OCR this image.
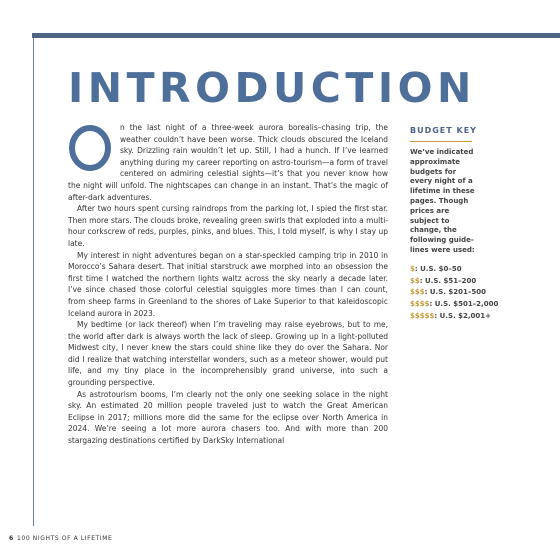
INTRODUCTION

O
n the last night of a three-week aurora borealis–chasing trip, the weather couldn’t have been worse. Thick clouds obscured the Iceland sky. Drizzling rain wouldn’t let up. Still, I had a hunch. If I’ve learned anything during my career reporting on astro-tourism—a form of travel centered on admiring celestial sights—it’s that you never know how the night will unfold. The nightscapes can change in an instant. That’s the magic of after-dark adventures.

After two hours spent cursing raindrops from the parking lot, I spied the first star. Then more stars. The clouds broke, revealing green swirls that exploded into a multi-hour corkscrew of reds, purples, pinks, and blues. This, I told myself, is why I stay up late.

My interest in night adventures began on a star-speckled camping trip in 2010 in Morocco’s Sahara desert. That initial starstruck awe morphed into an obsession the first time I watched the northern lights waltz across the sky nearly a decade later. I’ve since chased those colorful celestial squiggles more times than I can count, from sheep farms in Greenland to the shores of Lake Superior to that kaleidoscopic Iceland aurora in 2023.

My bedtime (or lack thereof) when I’m traveling may raise eyebrows, but to me, the world after dark is always worth the lack of sleep. Growing up in a light-polluted Midwest city, I never knew the stars could shine like they do over the Sahara. Nor did I realize that watching interstellar wonders, such as a meteor shower, would put life, and my tiny place in the incomprehensibly grand universe, into such a grounding perspective.

As astrotourism booms, I’m clearly not the only one seeking solace in the night sky. An estimated 20 million people traveled just to watch the Great American Eclipse in 2017; millions more did the same for the eclipse over North America in 2024. We’re seeing a lot more aurora chasers too. And with more than 200 stargazing destinations certified by DarkSky International

BUDGET KEY
We’ve indicated approximate budgets for every night of a lifetime in these pages. Though prices are subject to change, the following guide-lines were used:
$: U.S. $0–50
$$: U.S. $51–200
$$$: U.S. $201–500
$$$$: U.S. $501–2,000
$$$$$: U.S. $2,001+
6 100 NIGHTS OF A LIFETIME
